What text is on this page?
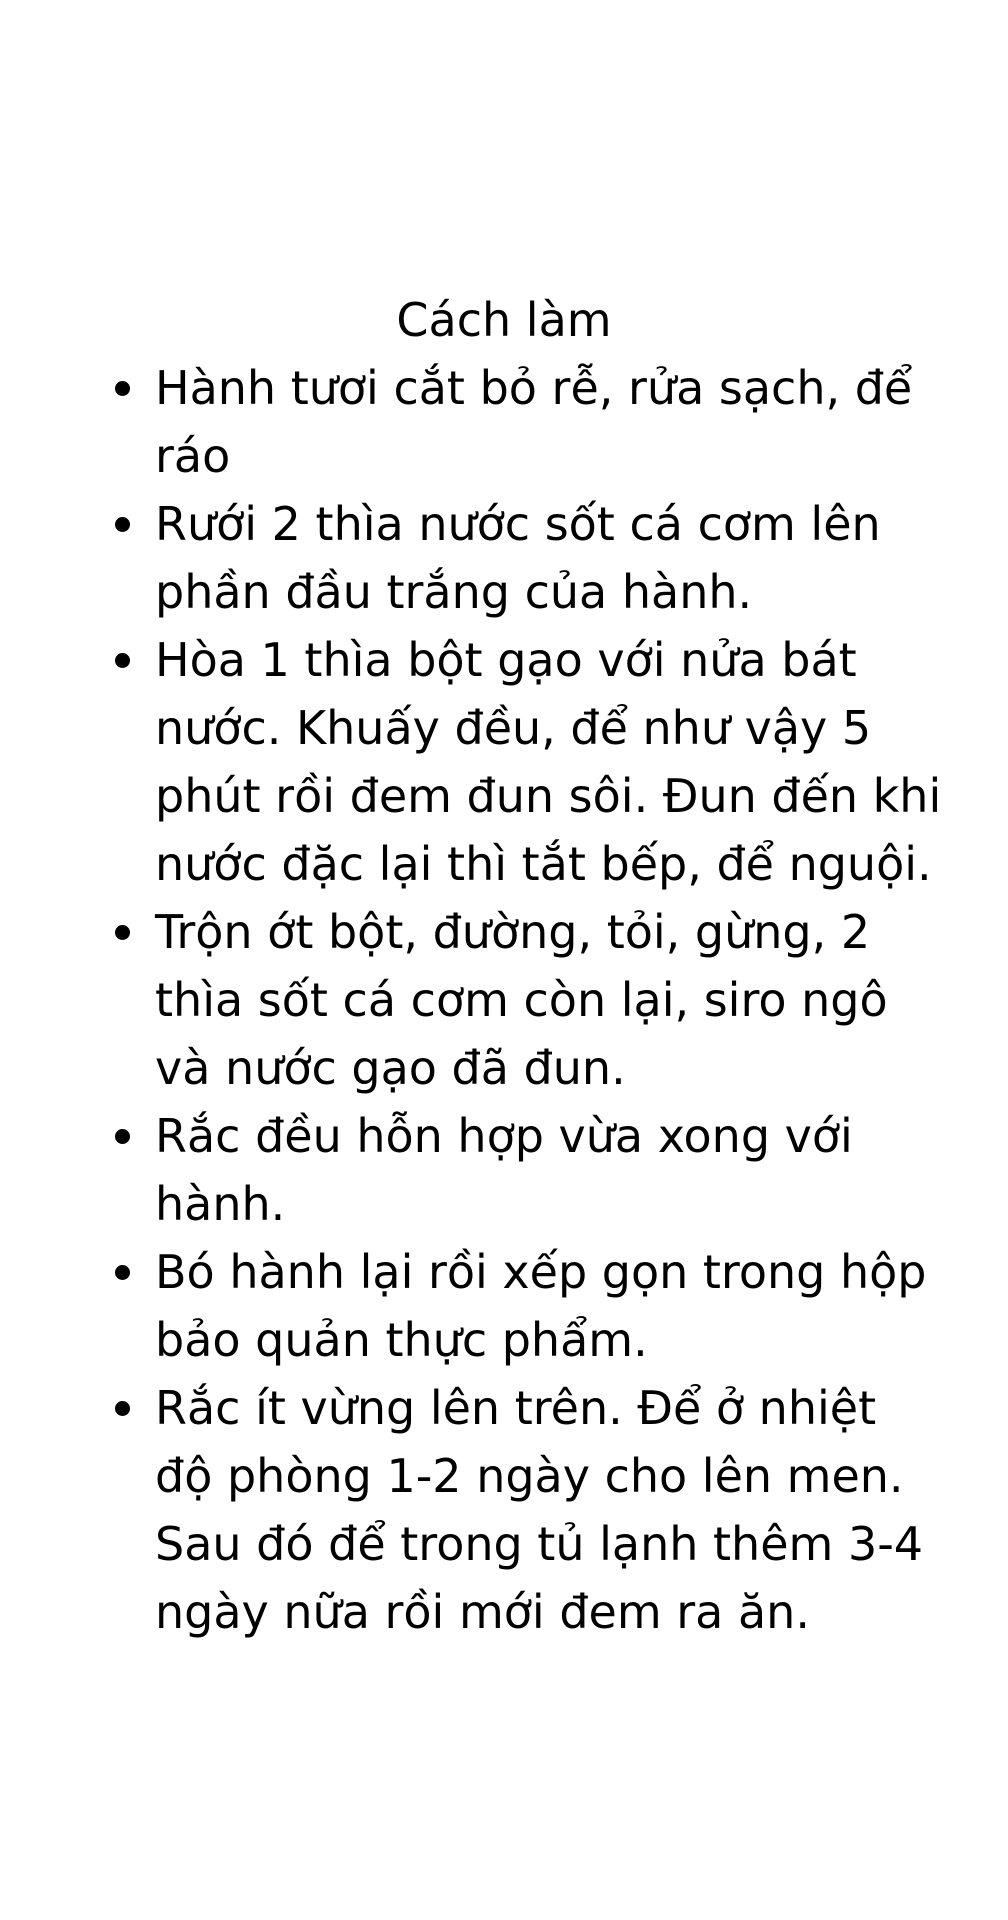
Cách làm
Hành tươi cắt bỏ rễ, rửa sạch, để ráo
Rưới 2 thìa nước sốt cá cơm lên phần đầu trắng của hành.
Hòa 1 thìa bột gạo với nửa bát nước. Khuấy đều, để như vậy 5 phút rồi đem đun sôi. Đun đến khi nước đặc lại thì tắt bếp, để nguội.
Trộn ớt bột, đường, tỏi, gừng, 2 thìa sốt cá cơm còn lại, siro ngô và nước gạo đã đun.
Rắc đều hỗn hợp vừa xong với hành.
Bó hành lại rồi xếp gọn trong hộp bảo quản thực phẩm.
Rắc ít vừng lên trên. Để ở nhiệt độ phòng 1-2 ngày cho lên men. Sau đó để trong tủ lạnh thêm 3-4 ngày nữa rồi mới đem ra ăn.
